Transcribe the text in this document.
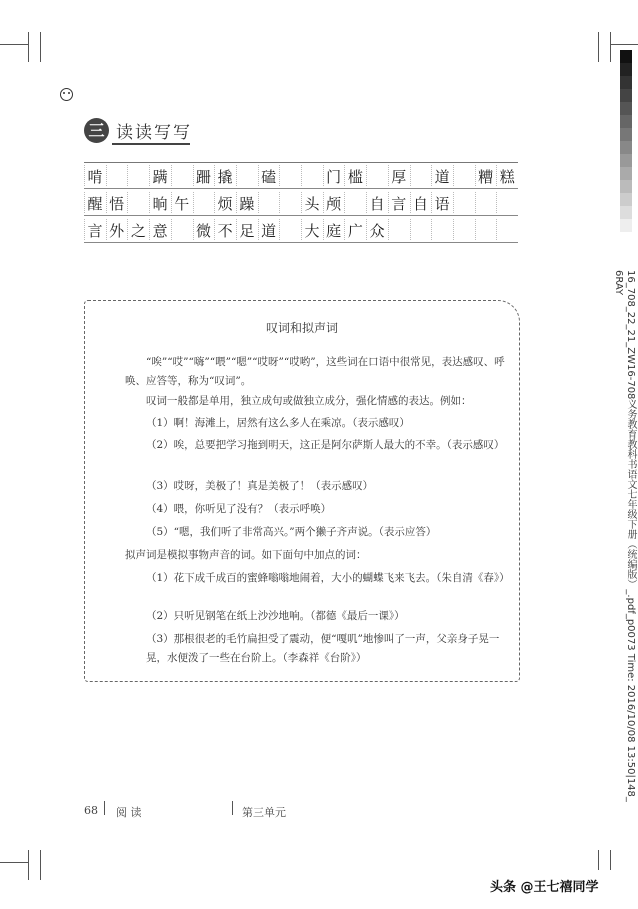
16_708_22_21_ZW16-708义务教育教科书语文七年级下册（统编版）_.pdf_p0073 Time: 2016/10/08 13:50|148_
6RAY
三 读读写写
啃	蹒 跚 撬 磕	门 槛 厚 道 糟 糕
醒 悟 晌 午 烦 躁	头 颅 自 言 自 语
言 外 之 意 微 不 足 道 大 庭 广 众
叹词和拟声词
“唉”“哎”“嗨”“喂”“嗯”“哎呀”“哎哟”，这些词在口语中很常见，表达感叹、呼唤、应答等，称为“叹词”。
叹词一般都是单用，独立成句或做独立成分，强化情感的表达。例如：
（1）啊！海滩上，居然有这么多人在乘凉。（表示感叹）
（2）唉，总要把学习拖到明天，这正是阿尔萨斯人最大的不幸。（表示感叹）
（3）哎呀，美极了！真是美极了！（表示感叹）
（4）喂，你听见了没有？（表示呼唤）
（5）“嗯，我们听了非常高兴。”两个獭子齐声说。（表示应答）
拟声词是模拟事物声音的词。如下面句中加点的词：
（1）花下成千成百的蜜蜂嗡嗡地闹着，大小的蝴蝶飞来飞去。（朱自清《春》）
（2）只听见钢笔在纸上沙沙地响。（都德《最后一课》）
（3）那根很老的毛竹扁担受了震动，便“嘎叽”地惨叫了一声，父亲身子晃一晃，水便泼了一些在台阶上。（李森祥《台阶》）
68 阅 读	第三单元
头条 @王七禧同学
